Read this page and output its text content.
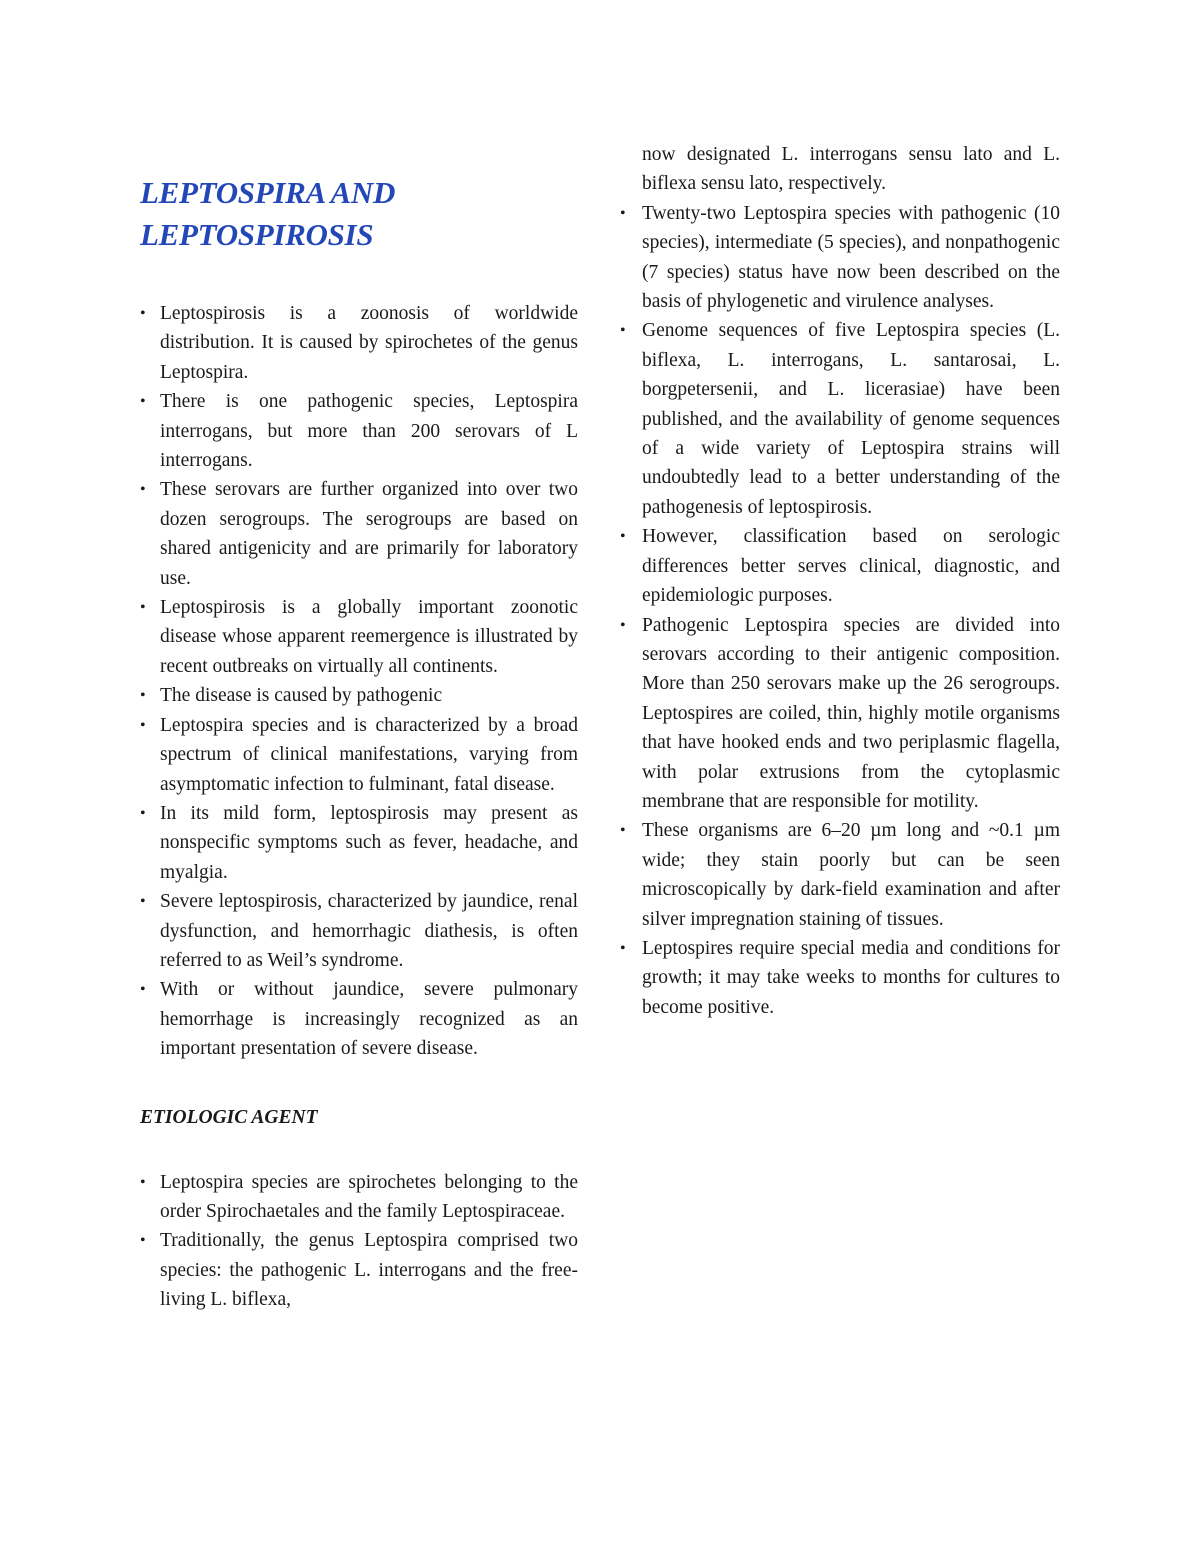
LEPTOSPIRA AND
LEPTOSPIROSIS
• Leptospirosis is a zoonosis of worldwide distribution. It is caused by spirochetes of the genus Leptospira.
• There is one pathogenic species, Leptospira interrogans, but more than 200 serovars of L interrogans.
• These serovars are further organized into over two dozen serogroups. The serogroups are based on shared antigenicity and are primarily for laboratory use.
• Leptospirosis is a globally important zoonotic disease whose apparent reemergence is illustrated by recent outbreaks on virtually all continents.
• The disease is caused by pathogenic
• Leptospira species and is characterized by a broad spectrum of clinical manifestations, varying from asymptomatic infection to fulminant, fatal disease.
• In its mild form, leptospirosis may present as nonspecific symptoms such as fever, headache, and myalgia.
• Severe leptospirosis, characterized by jaundice, renal dysfunction, and hemorrhagic diathesis, is often referred to as Weil’s syndrome.
• With or without jaundice, severe pulmonary hemorrhage is increasingly recognized as an important presentation of severe disease.
ETIOLOGIC AGENT
• Leptospira species are spirochetes belonging to the order Spirochaetales and the family Leptospiraceae.
• Traditionally, the genus Leptospira comprised two species: the pathogenic L. interrogans and the free-living L. biflexa,

now designated L. interrogans sensu lato and L. biflexa sensu lato, respectively.

• Twenty-two Leptospira species with pathogenic (10 species), intermediate (5 species), and nonpathogenic (7 species) status have now been described on the basis of phylogenetic and virulence analyses.
• Genome sequences of five Leptospira species (L. biflexa, L. interrogans, L. santarosai, L. borgpetersenii, and L. licerasiae) have been published, and the availability of genome sequences of a wide variety of Leptospira strains will undoubtedly lead to a better understanding of the pathogenesis of leptospirosis.
• However, classification based on serologic differences better serves clinical, diagnostic, and epidemiologic purposes.
• Pathogenic Leptospira species are divided into serovars according to their antigenic composition. More than 250 serovars make up the 26 serogroups. Leptospires are coiled, thin, highly motile organisms that have hooked ends and two periplasmic flagella, with polar extrusions from the cytoplasmic membrane that are responsible for motility.
• These organisms are 6–20 µm long and ~0.1 µm wide; they stain poorly but can be seen microscopically by dark-field examination and after silver impregnation staining of tissues.
• Leptospires require special media and conditions for growth; it may take weeks to months for cultures to become positive.
